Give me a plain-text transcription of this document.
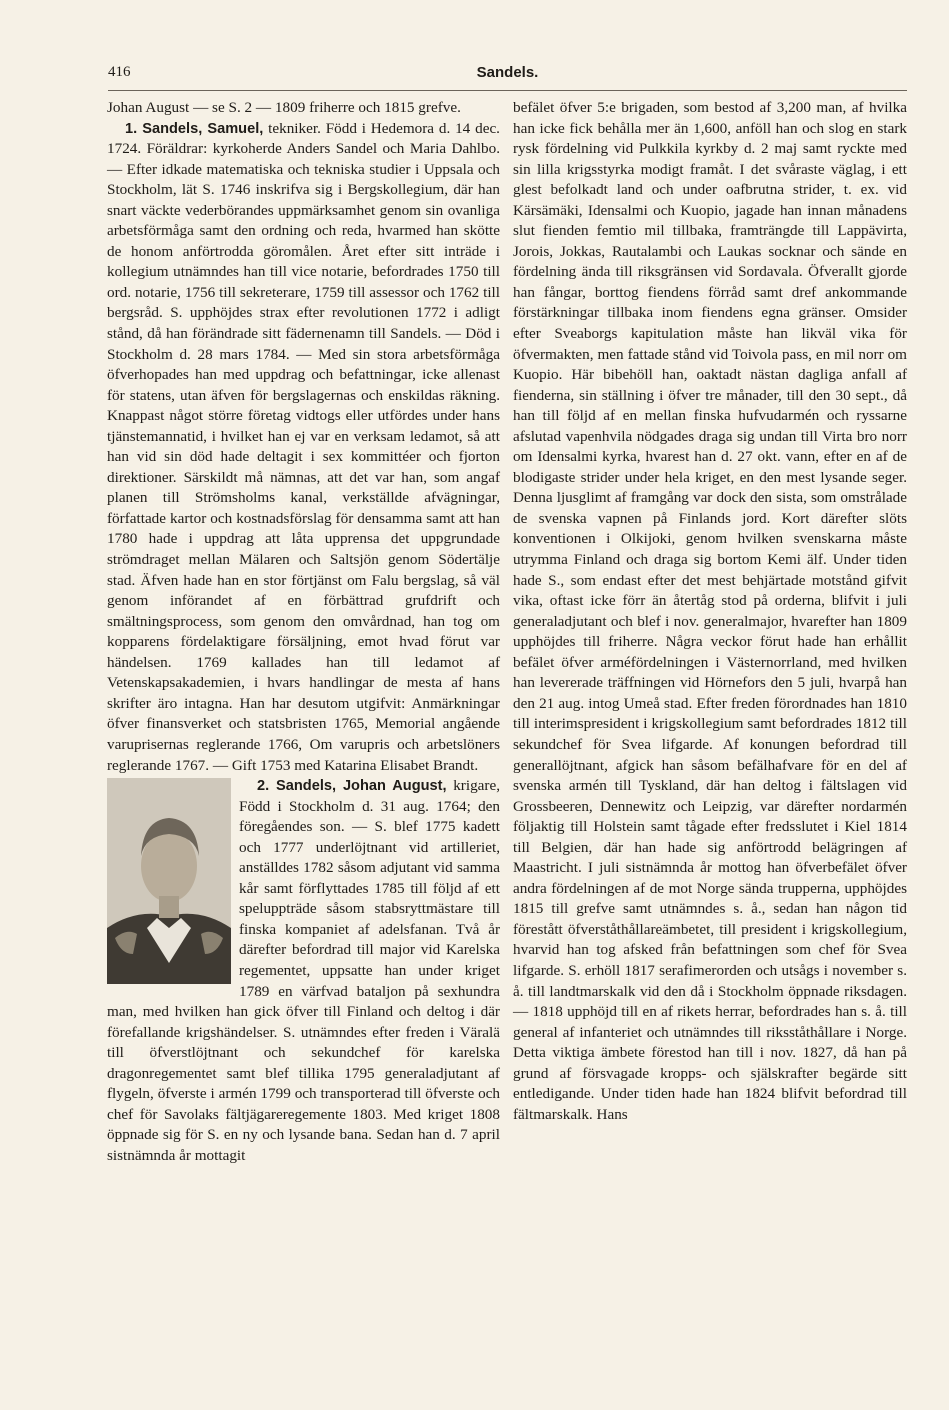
416	Sandels.

Johan August — se S. 2 — 1809 friherre och 1815 grefve.

1. Sandels, Samuel, tekniker. Född i Hedemora d. 14 dec. 1724. Föräldrar: kyrkoherde Anders Sandel och Maria Dahlbo. — Efter idkade matematiska och tekniska studier i Uppsala och Stockholm, lät S. 1746 inskrifva sig i Bergskollegium, där han snart väckte vederbörandes uppmärksamhet genom sin ovanliga arbetsförmåga samt den ordning och reda, hvarmed han skötte de honom anförtrodda göromålen. Året efter sitt inträde i kollegium utnämndes han till vice notarie, befordrades 1750 till ord. notarie, 1756 till sekreterare, 1759 till assessor och 1762 till bergsråd. S. upphöjdes strax efter revolutionen 1772 i adligt stånd, då han förändrade sitt fädernenamn till Sandels. — Död i Stockholm d. 28 mars 1784. — Med sin stora arbetsförmåga öfverhopades han med uppdrag och befattningar, icke allenast för statens, utan äfven för bergslagernas och enskildas räkning. Knappast något större företag vidtogs eller utfördes under hans tjänstemannatid, i hvilket han ej var en verksam ledamot, så att han vid sin död hade deltagit i sex kommittéer och fjorton direktioner. Särskildt må nämnas, att det var han, som angaf planen till Strömsholms kanal, verkställde afvägningar, författade kartor och kostnadsförslag för densamma samt att han 1780 hade i uppdrag att låta upprensa det uppgrundade strömdraget mellan Mälaren och Saltsjön genom Södertälje stad. Äfven hade han en stor förtjänst om Falu bergslag, så väl genom införandet af en förbättrad grufdrift och smältningsprocess, som genom den omvårdnad, han tog om kopparens fördelaktigare försäljning, emot hvad förut var händelsen. 1769 kallades han till ledamot af Vetenskapsakademien, i hvars handlingar de mesta af hans skrifter äro intagna. Han har desutom utgifvit: Anmärkningar öfver finansverket och statsbristen 1765, Memorial angående varuprisernas reglerande 1766, Om varupris och arbetslöners reglerande 1767. — Gift 1753 med Katarina Elisabet Brandt.

2. Sandels, Johan August,
krigare, Född i Stockholm d. 31 aug. 1764; den föregåendes son. — S. blef 1775 kadett och 1777 underlöjtnant vid artilleriet, anställdes 1782 såsom adjutant vid samma kår samt förflyttades 1785 till följd af ett speluppträde såsom stabsryttmästare till finska kompaniet af adelsfanan. Två år därefter befordrad till major vid Karelska regementet, uppsatte han under kriget 1789 en värfvad bataljon på sexhundra man, med hvilken han gick öfver till Finland och deltog i där förefallande krigshändelser. S. utnämndes efter freden i Väralä till öfverstlöjtnant och sekundchef för karelska dragonregementet samt blef tillika 1795 generaladjutant af flygeln, öfverste i armén 1799 och transporterad till öfverste och chef för Savolaks fältjägareregemente 1803. Med kriget 1808 öppnade sig för S. en ny och lysande bana. Sedan han d. 7 april sistnämnda år mottagit

befälet öfver 5:e brigaden, som bestod af 3,200 man, af hvilka han icke fick behålla mer än 1,600, anföll han och slog en stark rysk fördelning vid Pulkkila kyrkby d. 2 maj samt ryckte med sin lilla krigsstyrka modigt framåt. I det svåraste väglag, i ett glest befolkadt land och under oafbrutna strider, t. ex. vid Kärsämäki, Idensalmi och Kuopio, jagade han innan månadens slut fienden femtio mil tillbaka, framträngde till Lappävirta, Jorois, Jokkas, Rautalambi och Laukas socknar och sände en fördelning ända till riksgränsen vid Sordavala. Öfverallt gjorde han fångar, borttog fiendens förråd samt dref ankommande förstärkningar tillbaka inom fiendens egna gränser. Omsider efter Sveaborgs kapitulation måste han likväl vika för öfvermakten, men fattade stånd vid Toivola pass, en mil norr om Kuopio. Här bibehöll han, oaktadt nästan dagliga anfall af fienderna, sin ställning i öfver tre månader, till den 30 sept., då han till följd af en mellan finska hufvudarmén och ryssarne afslutad vapenhvila nödgades draga sig undan till Virta bro norr om Idensalmi kyrka, hvarest han d. 27 okt. vann, efter en af de blodigaste strider under hela kriget, en den mest lysande seger. Denna ljusglimt af framgång var dock den sista, som omstrålade de svenska vapnen på Finlands jord. Kort därefter slöts konventionen i Olkijoki, genom hvilken svenskarna måste utrymma Finland och draga sig bortom Kemi älf. Under tiden hade S., som endast efter det mest behjärtade motstånd gifvit vika, oftast icke förr än återtåg stod på orderna, blifvit i juli generaladjutant och blef i nov. generalmajor, hvarefter han 1809 upphöjdes till friherre. Några veckor förut hade han erhållit befälet öfver arméfördelningen i Västernorrland, med hvilken han levererade träffningen vid Hörnefors den 5 juli, hvarpå han den 21 aug. intog Umeå stad. Efter freden förordnades han 1810 till interimspresident i krigskollegium samt befordrades 1812 till sekundchef för Svea lifgarde. Af konungen befordrad till generallöjtnant, afgick han såsom befälhafvare för en del af svenska armén till Tyskland, där han deltog i fältslagen vid Grossbeeren, Dennewitz och Leipzig, var därefter nordarmén följaktig till Holstein samt tågade efter fredsslutet i Kiel 1814 till Belgien, där han hade sig anförtrodd belägringen af Maastricht. I juli sistnämnda år mottog han öfverbefälet öfver andra fördelningen af de mot Norge sända trupperna, upphöjdes 1815 till grefve samt utnämndes s. å., sedan han någon tid förestått öfverståthållareämbetet, till president i krigskollegium, hvarvid han tog afsked från befattningen som chef för Svea lifgarde. S. erhöll 1817 serafimerorden och utsågs i november s. å. till landtmarskalk vid den då i Stockholm öppnade riksdagen. — 1818 upphöjd till en af rikets herrar, befordrades han s. å. till general af infanteriet och utnämndes till riksståthållare i Norge. Detta viktiga ämbete förestod han till i nov. 1827, då han på grund af försvagade kropps- och själskrafter begärde sitt entledigande. Under tiden hade han 1824 blifvit befordrad till fältmarskalk. Hans
